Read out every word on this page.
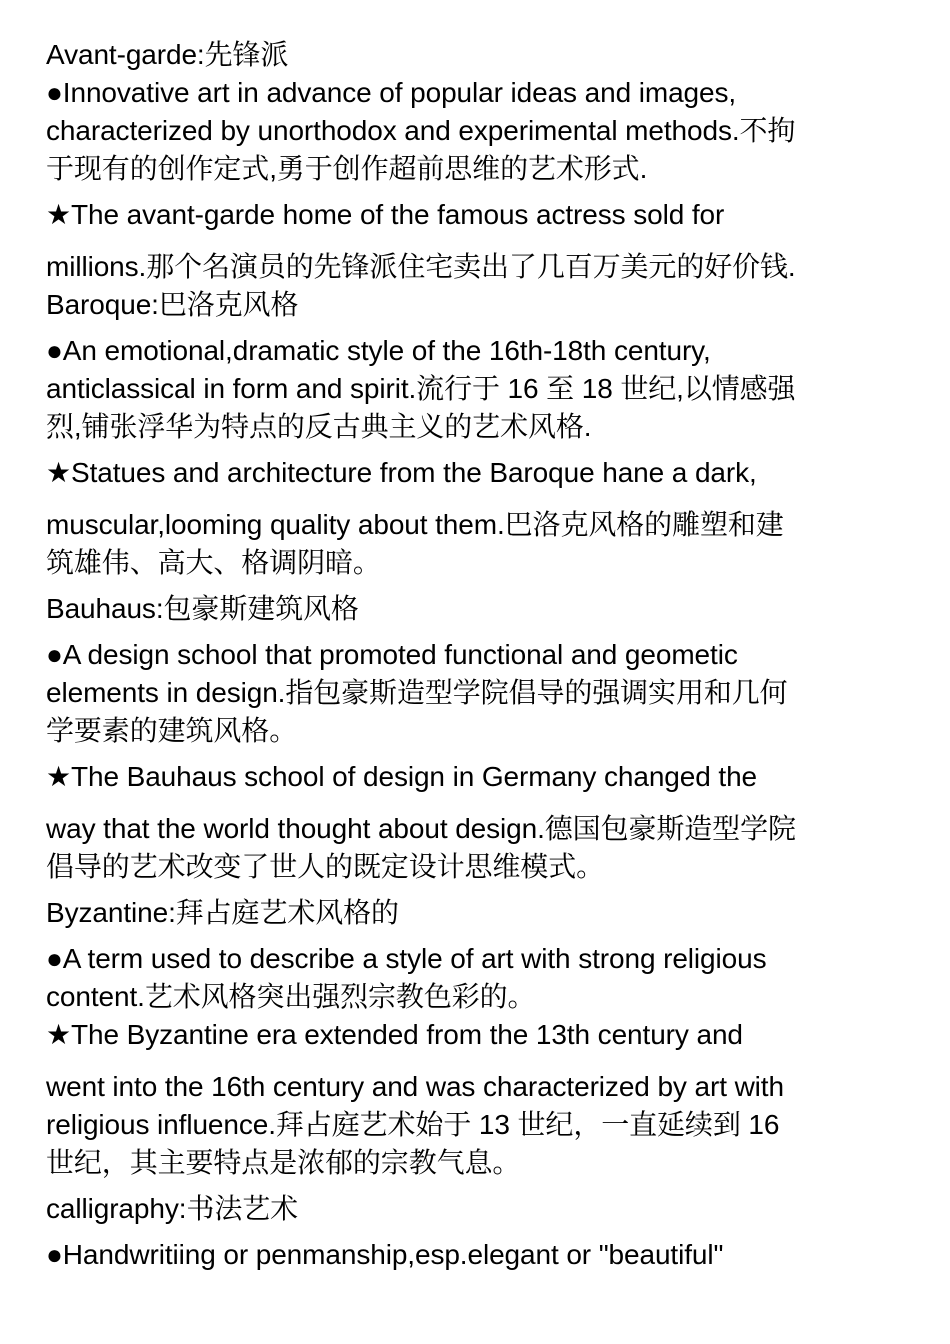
Avant-garde:先锋派
●Innovative art in advance of popular ideas and images,
characterized by unorthodox and experimental methods.不拘
于现有的创作定式,勇于创作超前思维的艺术形式.
★The avant-garde home of the famous actress sold for
millions.那个名演员的先锋派住宅卖出了几百万美元的好价钱.
Baroque:巴洛克风格
●An emotional,dramatic style of the 16th-18th century,
anticlassical in form and spirit.流行于 16 至 18 世纪,以情感强
烈,铺张浮华为特点的反古典主义的艺术风格.
★Statues and architecture from the Baroque hane a dark,
muscular,looming quality about them.巴洛克风格的雕塑和建
筑雄伟、高大、格调阴暗。
Bauhaus:包豪斯建筑风格
●A design school that promoted functional and geometic
elements in design.指包豪斯造型学院倡导的强调实用和几何
学要素的建筑风格。
★The Bauhaus school of design in Germany changed the
way that the world thought about design.德国包豪斯造型学院
倡导的艺术改变了世人的既定设计思维模式。
Byzantine:拜占庭艺术风格的
●A term used to describe a style of art with strong religious
content.艺术风格突出强烈宗教色彩的。
★The Byzantine era extended from the 13th century and
went into the 16th century and was characterized by art with
religious influence.拜占庭艺术始于 13 世纪，一直延续到 16
世纪，其主要特点是浓郁的宗教气息。
calligraphy:书法艺术
●Handwritiing or penmanship,esp.elegant or "beautiful"
